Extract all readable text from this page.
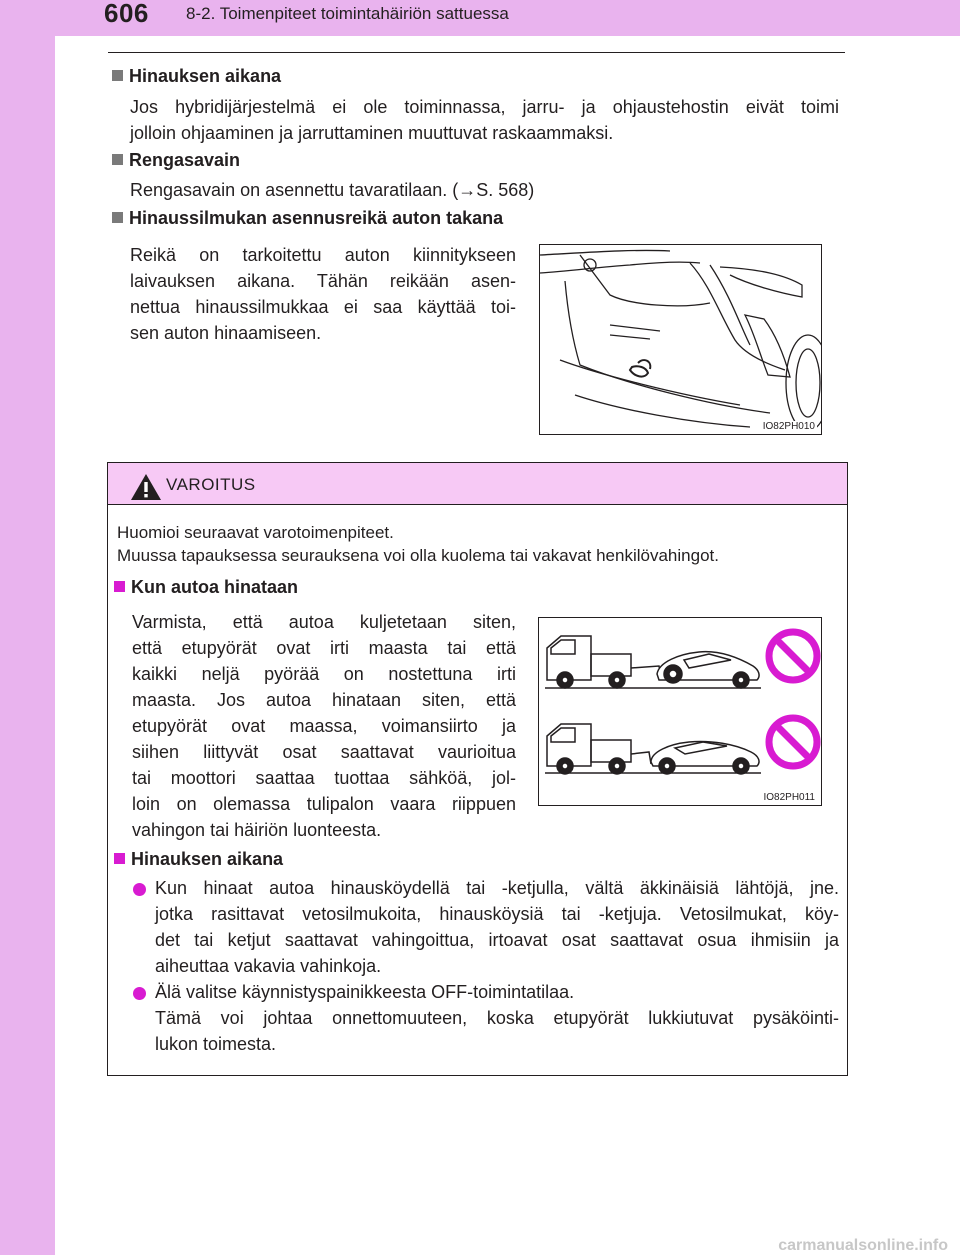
606 8-2. Toimenpiteet toimintahäiriön sattuessa
Hinauksen aikana
Jos hybridijärjestelmä ei ole toiminnassa, jarru- ja ohjaustehostin eivät toimi
jolloin ohjaaminen ja jarruttaminen muuttuvat raskaammaksi.
Rengasavain
Rengasavain on asennettu tavaratilaan. (→S. 568)
Hinaussilmukan asennusreikä auton takana
Reikä on tarkoitettu auton kiinnitykseen
laivauksen aikana. Tähän reikään asen-
nettua hinaussilmukkaa ei saa käyttää toi-
sen auton hinaamiseen.
IO82PH010
VAROITUS
Huomioi seuraavat varotoimenpiteet.
Muussa tapauksessa seurauksena voi olla kuolema tai vakavat henkilövahingot.
Kun autoa hinataan
Varmista, että autoa kuljetetaan siten,
että etupyörät ovat irti maasta tai että
kaikki neljä pyörää on nostettuna irti
maasta. Jos autoa hinataan siten, että
etupyörät ovat maassa, voimansiirto ja
siihen liittyvät osat saattavat vaurioitua
tai moottori saattaa tuottaa sähköä, jol-
loin on olemassa tulipalon vaara riippuen
vahingon tai häiriön luonteesta.
IO82PH011
Hinauksen aikana
Kun hinaat autoa hinausköydellä tai -ketjulla, vältä äkkinäisiä lähtöjä, jne.
jotka rasittavat vetosilmukoita, hinausköysiä tai -ketjuja. Vetosilmukat, köy-
det tai ketjut saattavat vahingoittua, irtoavat osat saattavat osua ihmisiin ja
aiheuttaa vakavia vahinkoja.
Älä valitse käynnistyspainikkeesta OFF-toimintatilaa.
Tämä voi johtaa onnettomuuteen, koska etupyörät lukkiutuvat pysäköinti-
lukon toimesta.
carmanualsonline.info
